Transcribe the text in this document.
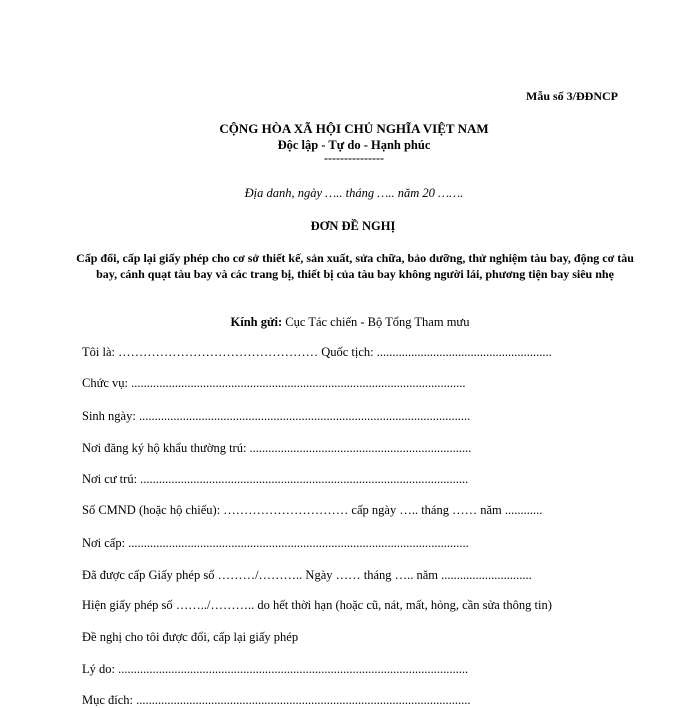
Mẫu số 3/ĐĐNCP
CỘNG HÒA XÃ HỘI CHỦ NGHĨA VIỆT NAM
Độc lập - Tự do - Hạnh phúc
---------------
Địa danh, ngày ….. tháng ….. năm 20 …….
ĐƠN ĐỀ NGHỊ
Cấp đổi, cấp lại giấy phép cho cơ sở thiết kế, sản xuất, sửa chữa, bảo dưỡng, thử nghiệm tàu bay, động cơ tàu bay, cánh quạt tàu bay và các trang bị, thiết bị của tàu bay không người lái, phương tiện bay siêu nhẹ
Kính gửi: Cục Tác chiến - Bộ Tổng Tham mưu
Tôi là: ………………………………………… Quốc tịch: ........................................................
Chức vụ: ...........................................................................................................
Sinh ngày: ..........................................................................................................
Nơi đăng ký hộ khẩu thường trú: .......................................................................
Nơi cư trú: .........................................................................................................
Số CMND (hoặc hộ chiếu): ………………………… cấp ngày ….. tháng …… năm ............
Nơi cấp: .............................................................................................................
Đã được cấp Giấy phép số ………/……….. Ngày …… tháng ….. năm .............................
Hiện giấy phép số ……../……….. do hết thời hạn (hoặc cũ, nát, mất, hỏng, cần sửa thông tin)
Đề nghị cho tôi được đổi, cấp lại giấy phép
Lý do: ................................................................................................................
Mục đích: ...........................................................................................................
